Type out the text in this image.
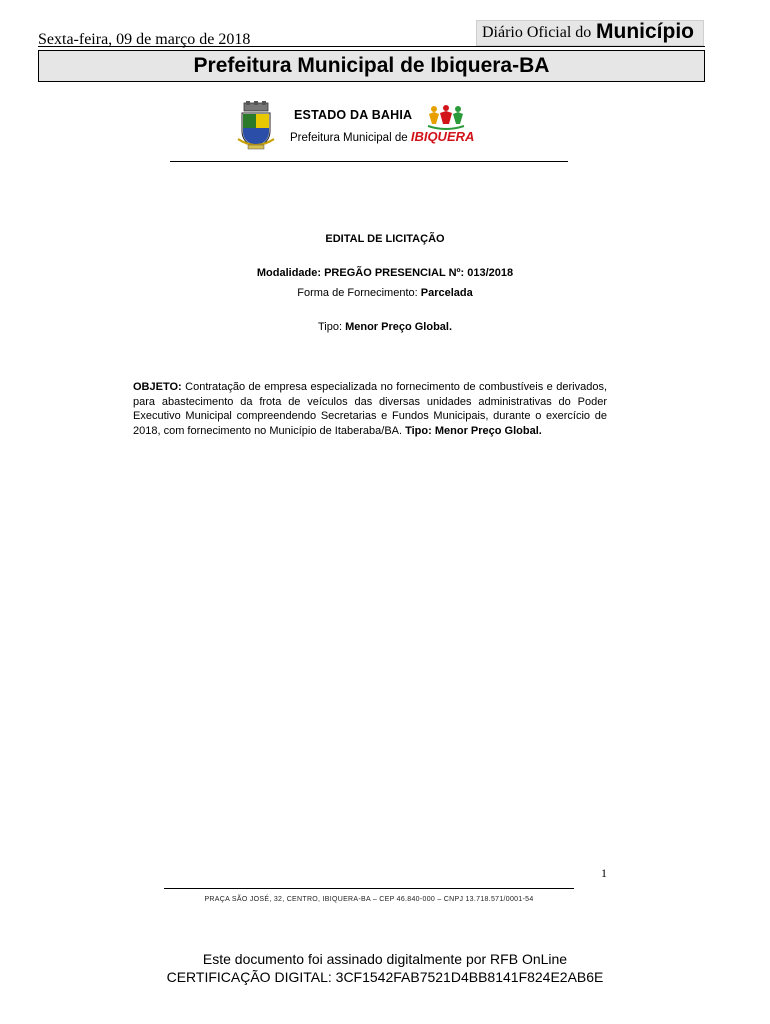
Sexta-feira, 09 de março de 2018	Diário Oficial do Município
Prefeitura Municipal de Ibiquera-BA
ESTADO DA BAHIA
Prefeitura Municipal de IBIQUERA
EDITAL DE LICITAÇÃO
Modalidade: PREGÃO PRESENCIAL Nº: 013/2018
Forma de Fornecimento: Parcelada
Tipo: Menor Preço Global.
OBJETO: Contratação de empresa especializada no fornecimento de combustíveis e derivados, para abastecimento da frota de veículos das diversas unidades administrativas do Poder Executivo Municipal compreendendo Secretarias e Fundos Municipais, durante o exercício de 2018, com fornecimento no Município de Itaberaba/BA. Tipo: Menor Preço Global.
1
PRAÇA SÃO JOSÉ, 32, CENTRO, IBIQUERA-BA – CEP 46.840-000 – CNPJ 13.718.571/0001-54
Este documento foi assinado digitalmente por RFB OnLine
CERTIFICAÇÃO DIGITAL: 3CF1542FAB7521D4BB8141F824E2AB6E
